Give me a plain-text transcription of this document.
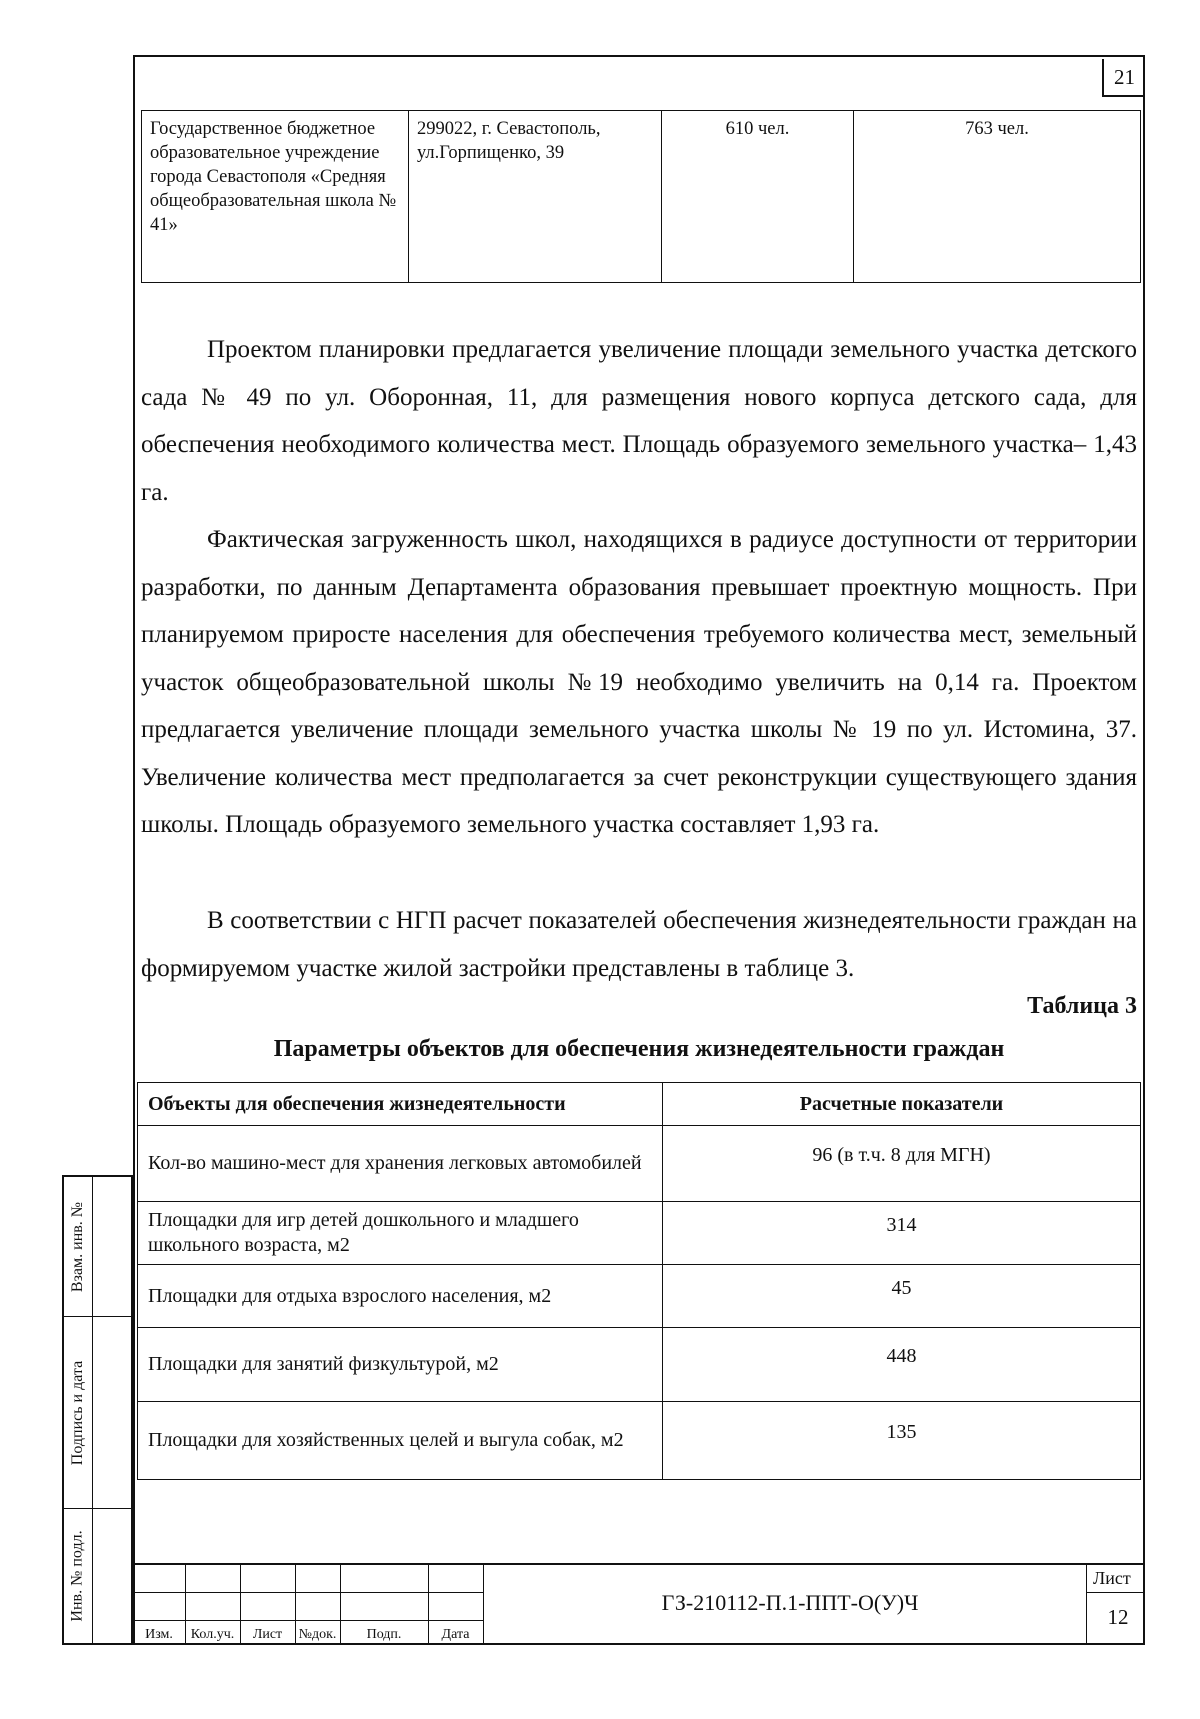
21
Государственное бюджетное образовательное учреждение города Севастополя «Средняя общеобразовательная школа № 41»	299022, г. Севастополь, ул.Горпищенко, 39	610 чел.	763 чел.

Проектом планировки предлагается увеличение площади земельного участка детского сада № 49 по ул. Оборонная, 11, для размещения нового корпуса детского сада, для обеспечения необходимого количества мест. Площадь образуемого земельного участка– 1,43 га.

Фактическая загруженность школ, находящихся в радиусе доступности от территории разработки, по данным Департамента образования превышает проектную мощность. При планируемом приросте населения для обеспечения требуемого количества мест, земельный участок общеобразовательной школы №19 необходимо увеличить на 0,14 га. Проектом предлагается увеличение площади земельного участка школы № 19 по ул. Истомина, 37. Увеличение количества мест предполагается за счет реконструкции существующего здания школы. Площадь образуемого земельного участка составляет 1,93 га.

В соответствии с НГП расчет показателей обеспечения жизнедеятельности граждан на формируемом участке жилой застройки представлены в таблице 3.

Таблица 3
Параметры объектов для обеспечения жизнедеятельности граждан
Объекты для обеспечения жизнедеятельности	Расчетные показатели
Кол-во машино-мест для хранения легковых автомобилей	96 (в т.ч. 8 для МГН)
Площадки для игр детей дошкольного и младшего школьного возраста, м2	314
Площадки для отдыха взрослого населения, м2	45
Площадки для занятий физкультурой, м2	448
Площадки для хозяйственных целей и выгула собак, м2	135
Взам. инв. №
Подпись и дата
Инв. № подл.
Изм.	Кол.уч.	Лист	№док.	Подп.	Дата
ГЗ-210112-П.1-ППТ-О(У)Ч
Лист
12
